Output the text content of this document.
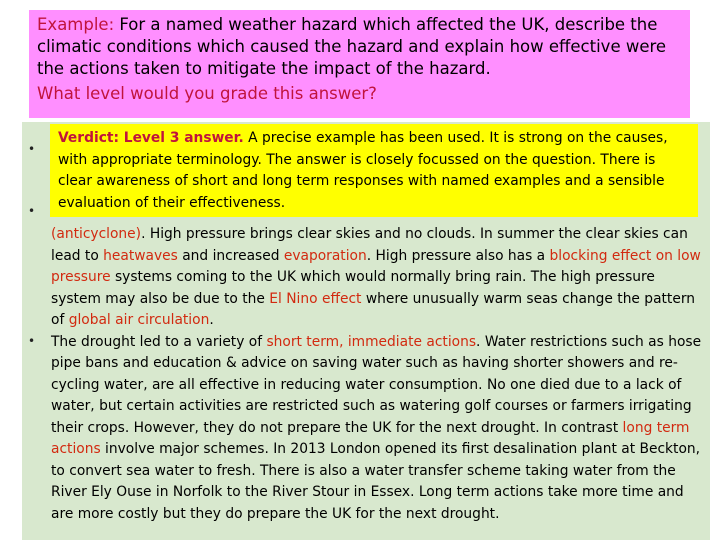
Example: For a named weather hazard which affected the UK, describe the climatic conditions which caused the hazard and explain how effective were the actions taken to mitigate the impact of the hazard.
What level would you grade this answer?
•
•
•

(anticyclone). High pressure brings clear skies and no clouds. In summer the clear skies can lead to heatwaves and increased evaporation. High pressure also has a blocking effect on low pressure systems coming to the UK which would normally bring rain. The high pressure system may also be due to the El Nino effect where unusually warm seas change the pattern of global air circulation.

The drought led to a variety of short term, immediate actions. Water restrictions such as hose pipe bans and education & advice on saving water such as having shorter showers and re-cycling water, are all effective in reducing water consumption. No one died due to a lack of water, but certain activities are restricted such as watering golf courses or farmers irrigating their crops. However, they do not prepare the UK for the next drought. In contrast long term actions involve major schemes. In 2013 London opened its first desalination plant at Beckton, to convert sea water to fresh. There is also a water transfer scheme taking water from the River Ely Ouse in Norfolk to the River Stour in Essex. Long term actions take more time and are more costly but they do prepare the UK for the next drought.

Verdict: Level 3 answer. A precise example has been used. It is strong on the causes, with appropriate terminology. The answer is closely focussed on the question. There is clear awareness of short and long term responses with named examples and a sensible evaluation of their effectiveness.
